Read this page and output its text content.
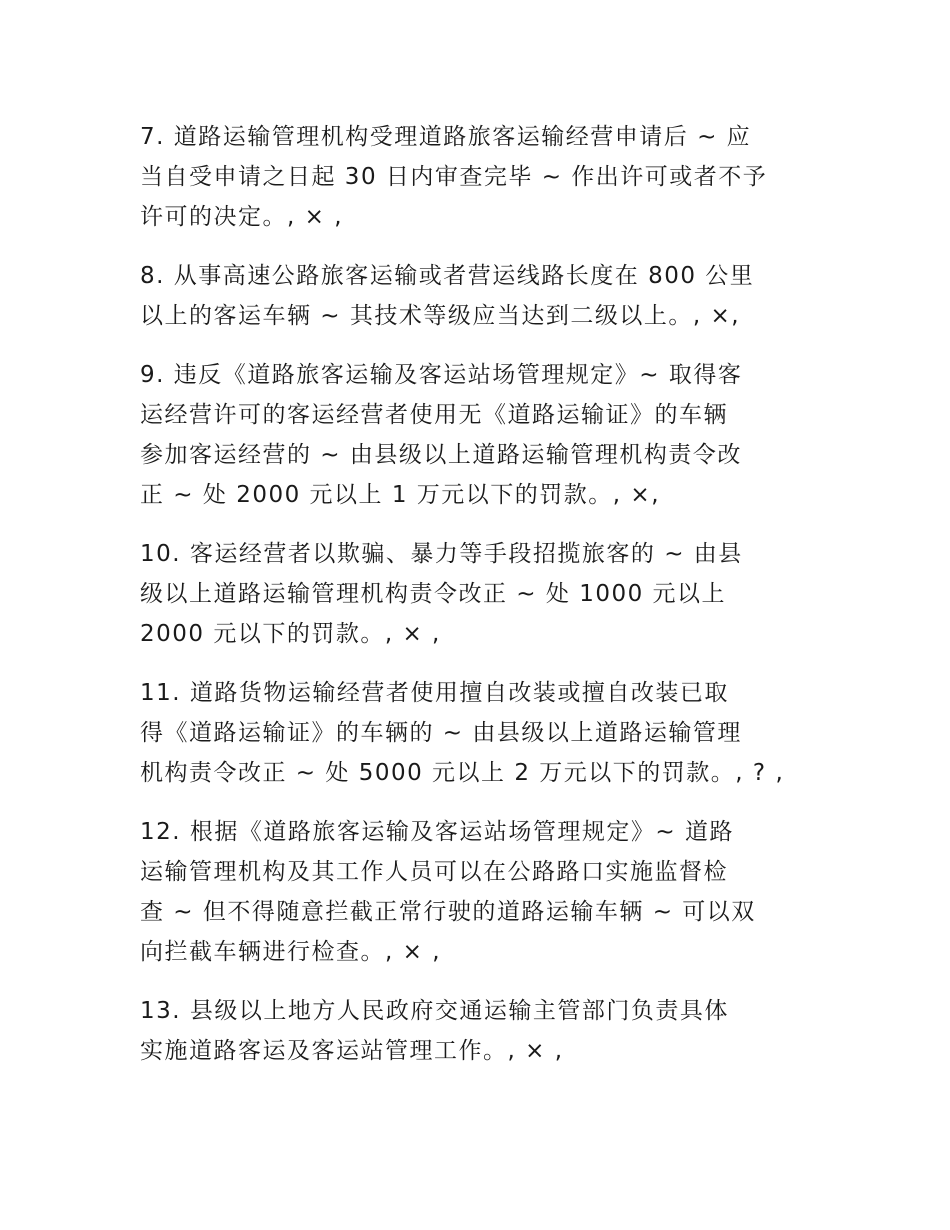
7. 道路运输管理机构受理道路旅客运输经营申请后 ~ 应
当自受申请之日起 30 日内审查完毕 ~ 作出许可或者不予
许可的决定。, × ,
8. 从事高速公路旅客运输或者营运线路长度在 800 公里
以上的客运车辆 ~ 其技术等级应当达到二级以上。, ×,
9. 违反《道路旅客运输及客运站场管理规定》~ 取得客
运经营许可的客运经营者使用无《道路运输证》的车辆
参加客运经营的 ~ 由县级以上道路运输管理机构责令改
正 ~ 处 2000 元以上 1 万元以下的罚款。, ×,
10. 客运经营者以欺骗、暴力等手段招揽旅客的 ~ 由县
级以上道路运输管理机构责令改正 ~ 处 1000 元以上
2000 元以下的罚款。, × ,
11. 道路货物运输经营者使用擅自改装或擅自改装已取
得《道路运输证》的车辆的 ~ 由县级以上道路运输管理
机构责令改正 ~ 处 5000 元以上 2 万元以下的罚款。, ? ,
12. 根据《道路旅客运输及客运站场管理规定》~ 道路
运输管理机构及其工作人员可以在公路路口实施监督检
查 ~ 但不得随意拦截正常行驶的道路运输车辆 ~ 可以双
向拦截车辆进行检查。, × ,
13. 县级以上地方人民政府交通运输主管部门负责具体
实施道路客运及客运站管理工作。, × ,
